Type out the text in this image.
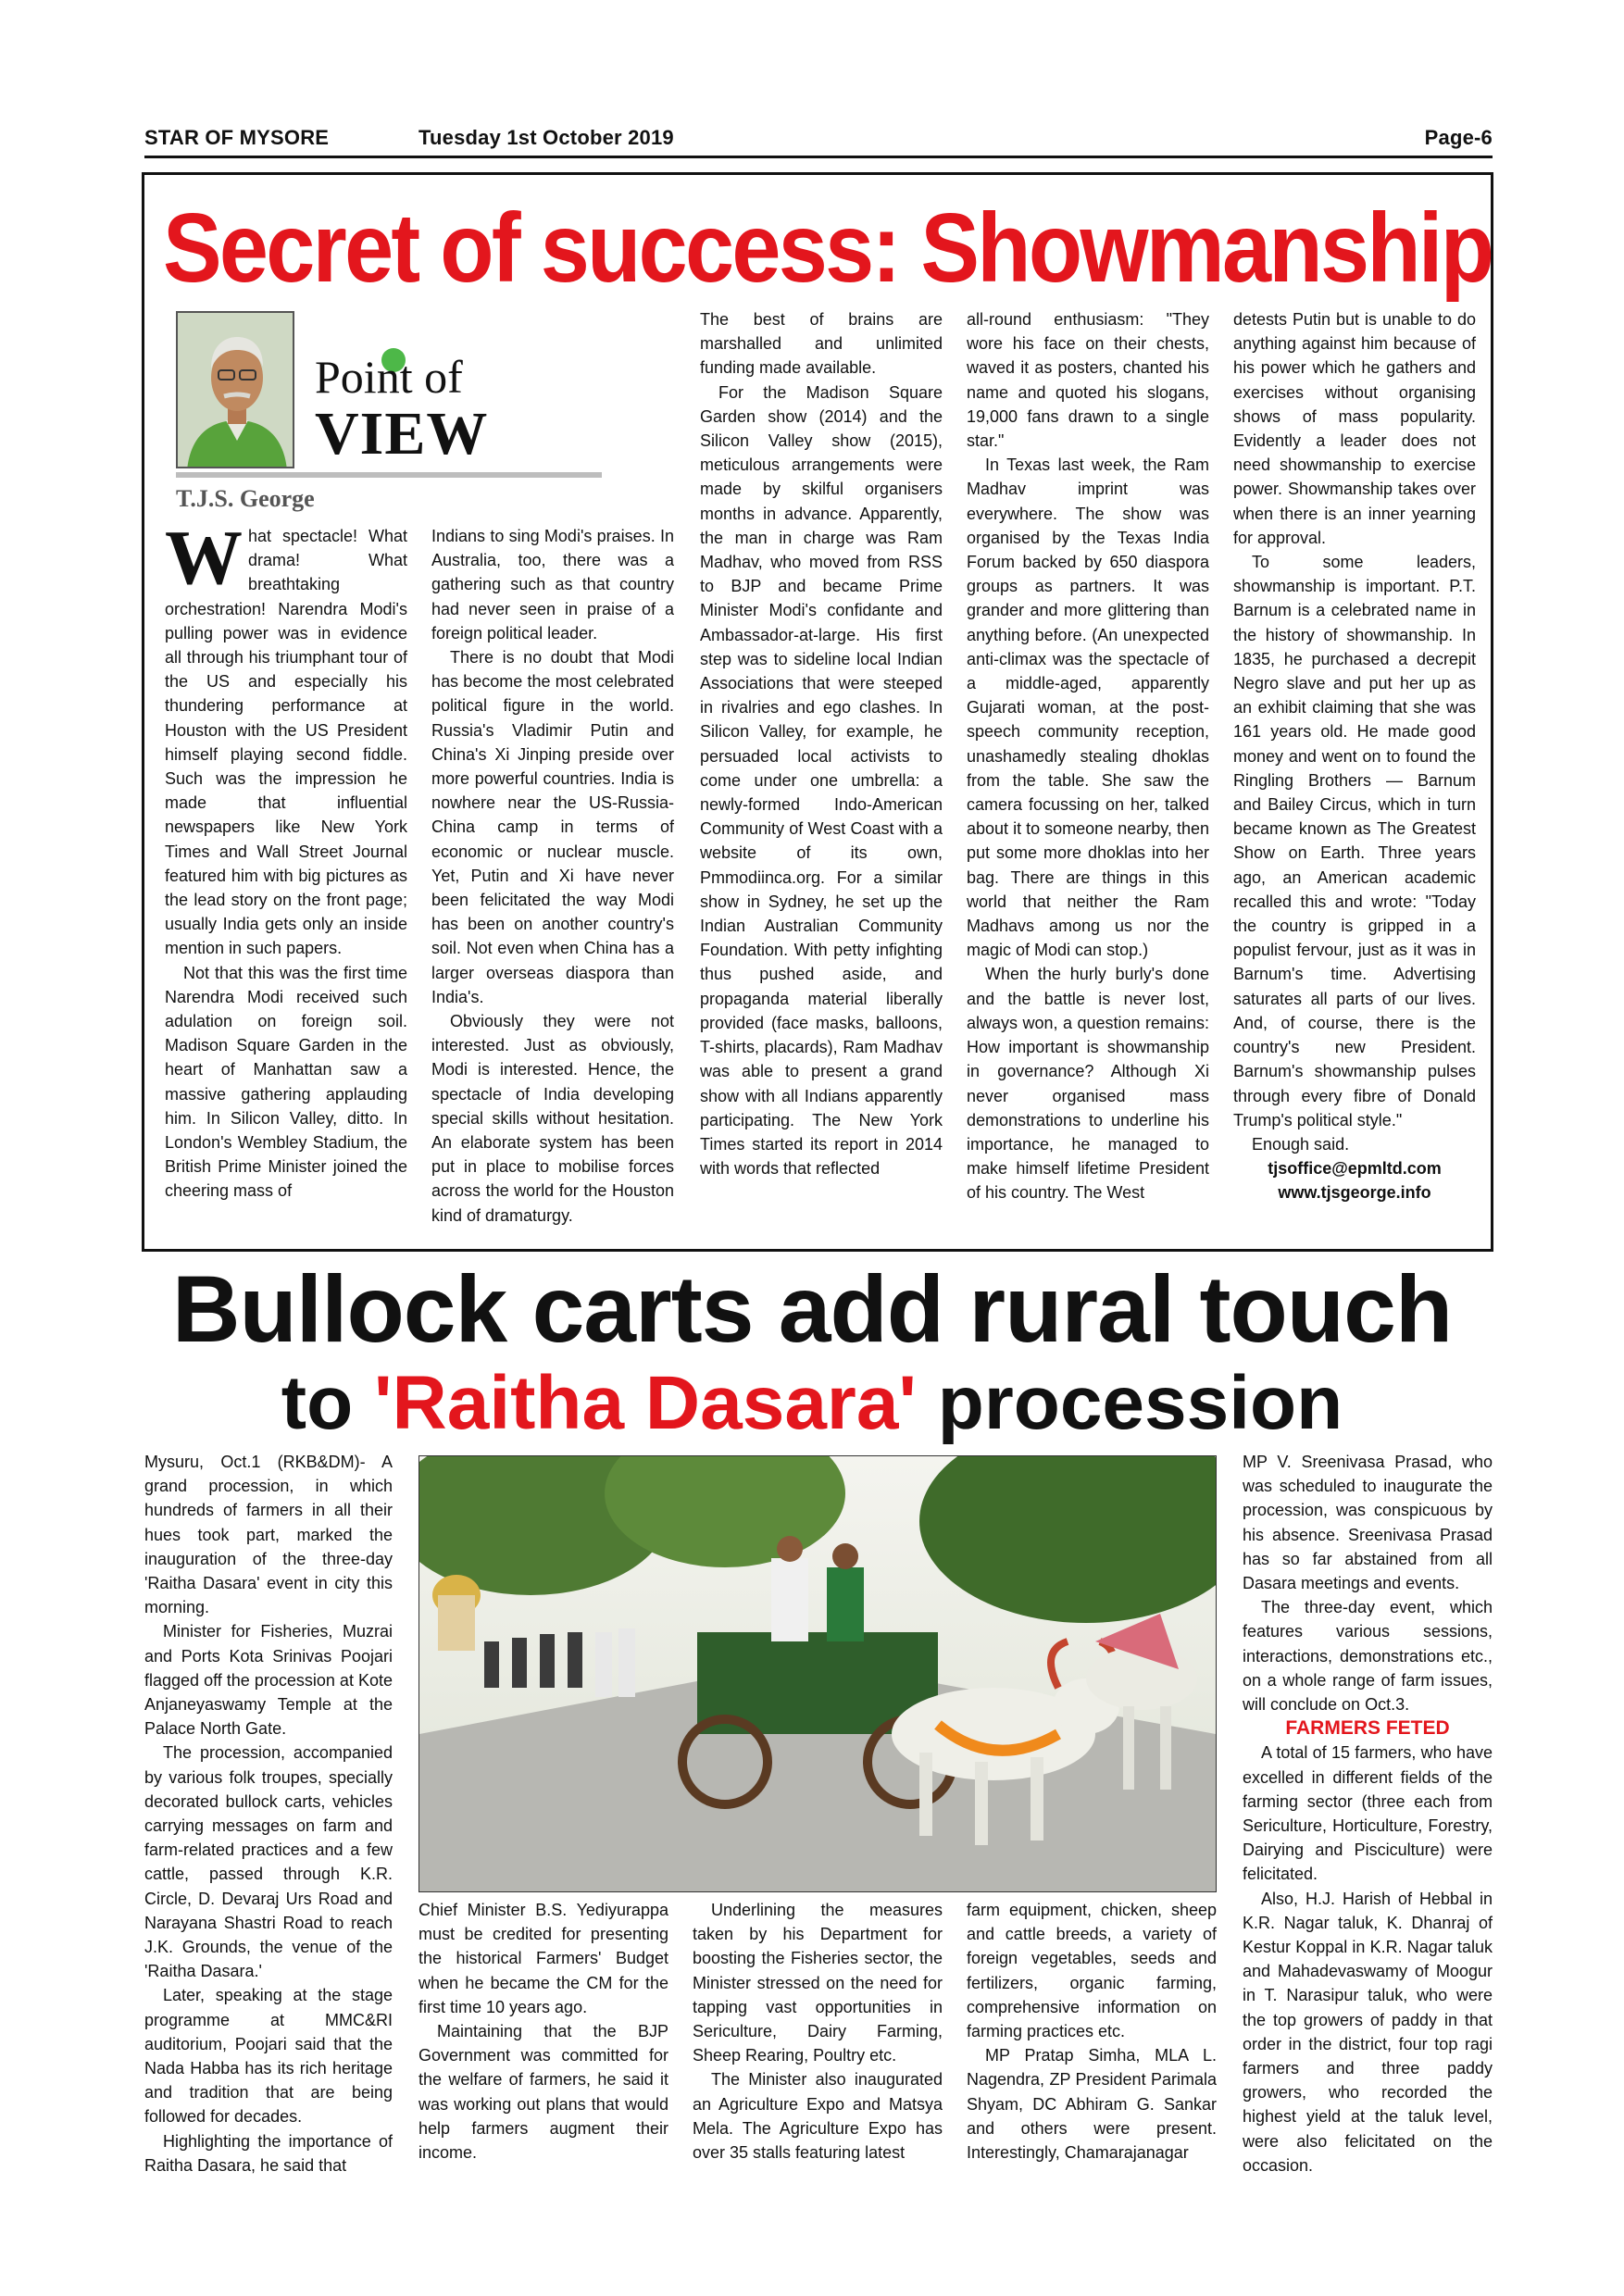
STAR OF MYSORE	Tuesday 1st October 2019	Page-6
Secret of success: Showmanship
Point of
VIEW
T.J.S. George

What spectacle! What drama! What breathtaking orchestration! Narendra Modi's pulling power was in evidence all through his triumphant tour of the US and especially his thundering performance at Houston with the US President himself playing second fiddle. Such was the impression he made that influential newspapers like New York Times and Wall Street Journal featured him with big pictures as the lead story on the front page; usually India gets only an inside mention in such papers.

Not that this was the first time Narendra Modi received such adulation on foreign soil. Madison Square Garden in the heart of Manhattan saw a massive gathering applauding him. In Silicon Valley, ditto. In London's Wembley Stadium, the British Prime Minister joined the cheering mass of

Indians to sing Modi's praises. In Australia, too, there was a gathering such as that country had never seen in praise of a foreign political leader.

There is no doubt that Modi has become the most celebrated political figure in the world. Russia's Vladimir Putin and China's Xi Jinping preside over more powerful countries. India is nowhere near the US-Russia-China camp in terms of economic or nuclear muscle. Yet, Putin and Xi have never been felicitated the way Modi has been on another country's soil. Not even when China has a larger overseas diaspora than India's.

Obviously they were not interested. Just as obviously, Modi is interested. Hence, the spectacle of India developing special skills without hesitation. An elaborate system has been put in place to mobilise forces across the world for the Houston kind of dramaturgy.

The best of brains are marshalled and unlimited funding made available.

For the Madison Square Garden show (2014) and the Silicon Valley show (2015), meticulous arrangements were made by skilful organisers months in advance. Apparently, the man in charge was Ram Madhav, who moved from RSS to BJP and became Prime Minister Modi's confidante and Ambassador-at-large. His first step was to sideline local Indian Associations that were steeped in rivalries and ego clashes. In Silicon Valley, for example, he persuaded local activists to come under one umbrella: a newly-formed Indo-American Community of West Coast with a website of its own, Pmmodiinca.org. For a similar show in Sydney, he set up the Indian Australian Community Foundation. With petty infighting thus pushed aside, and propaganda material liberally provided (face masks, balloons, T-shirts, placards), Ram Madhav was able to present a grand show with all Indians apparently participating. The New York Times started its report in 2014 with words that reflected

all-round enthusiasm: "They wore his face on their chests, waved it as posters, chanted his name and quoted his slogans, 19,000 fans drawn to a single star."

In Texas last week, the Ram Madhav imprint was everywhere. The show was organised by the Texas India Forum backed by 650 diaspora groups as partners. It was grander and more glittering than anything before. (An unexpected anti-climax was the spectacle of a middle-aged, apparently Gujarati woman, at the post-speech community reception, unashamedly stealing dhoklas from the table. She saw the camera focussing on her, talked about it to someone nearby, then put some more dhoklas into her bag. There are things in this world that neither the Ram Madhavs among us nor the magic of Modi can stop.)

When the hurly burly's done and the battle is never lost, always won, a question remains: How important is showmanship in governance? Although Xi never organised mass demonstrations to underline his importance, he managed to make himself lifetime President of his country. The West

detests Putin but is unable to do anything against him because of his power which he gathers and exercises without organising shows of mass popularity. Evidently a leader does not need showmanship to exercise power. Showmanship takes over when there is an inner yearning for approval.

To some leaders, showmanship is important. P.T. Barnum is a celebrated name in the history of showmanship. In 1835, he purchased a decrepit Negro slave and put her up as an exhibit claiming that she was 161 years old. He made good money and went on to found the Ringling Brothers — Barnum and Bailey Circus, which in turn became known as The Greatest Show on Earth. Three years ago, an American academic recalled this and wrote: "Today the country is gripped in a populist fervour, just as it was in Barnum's time. Advertising saturates all parts of our lives. And, of course, there is the country's new President. Barnum's showmanship pulses through every fibre of Donald Trump's political style."

Enough said.

tjsoffice@epmltd.com

www.tjsgeorge.info

Bullock carts add rural touch
to 'Raitha Dasara' procession

Mysuru, Oct.1 (RKB&DM)- A grand procession, in which hundreds of farmers in all their hues took part, marked the inauguration of the three-day 'Raitha Dasara' event in city this morning.

Minister for Fisheries, Muzrai and Ports Kota Srinivas Poojari flagged off the procession at Kote Anjaneyaswamy Temple at the Palace North Gate.

The procession, accompanied by various folk troupes, specially decorated bullock carts, vehicles carrying messages on farm and farm-related practices and a few cattle, passed through K.R. Circle, D. Devaraj Urs Road and Narayana Shastri Road to reach J.K. Grounds, the venue of the 'Raitha Dasara.'

Later, speaking at the stage programme at MMC&RI auditorium, Poojari said that the Nada Habba has its rich heritage and tradition that are being followed for decades.

Highlighting the importance of Raitha Dasara, he said that

Chief Minister B.S. Yediyurappa must be credited for presenting the historical Farmers' Budget when he became the CM for the first time 10 years ago.

Maintaining that the BJP Government was committed for the welfare of farmers, he said it was working out plans that would help farmers augment their income.

Underlining the measures taken by his Department for boosting the Fisheries sector, the Minister stressed on the need for tapping vast opportunities in Sericulture, Dairy Farming, Sheep Rearing, Poultry etc.

The Minister also inaugurated an Agriculture Expo and Matsya Mela. The Agriculture Expo has over 35 stalls featuring latest

farm equipment, chicken, sheep and cattle breeds, a variety of foreign vegetables, seeds and fertilizers, organic farming, comprehensive information on farming practices etc.

MP Pratap Simha, MLA L. Nagendra, ZP President Parimala Shyam, DC Abhiram G. Sankar and others were present. Interestingly, Chamarajanagar

MP V. Sreenivasa Prasad, who was scheduled to inaugurate the procession, was conspicuous by his absence. Sreenivasa Prasad has so far abstained from all Dasara meetings and events.

The three-day event, which features various sessions, interactions, demonstrations etc., on a whole range of farm issues, will conclude on Oct.3.

FARMERS FETED

A total of 15 farmers, who have excelled in different fields of the farming sector (three each from Sericulture, Horticulture, Forestry, Dairying and Pisciculture) were felicitated.

Also, H.J. Harish of Hebbal in K.R. Nagar taluk, K. Dhanraj of Kestur Koppal in K.R. Nagar taluk and Mahadevaswamy of Moogur in T. Narasipur taluk, who were the top growers of paddy in that order in the district, four top ragi farmers and three paddy growers, who recorded the highest yield at the taluk level, were also felicitated on the occasion.
